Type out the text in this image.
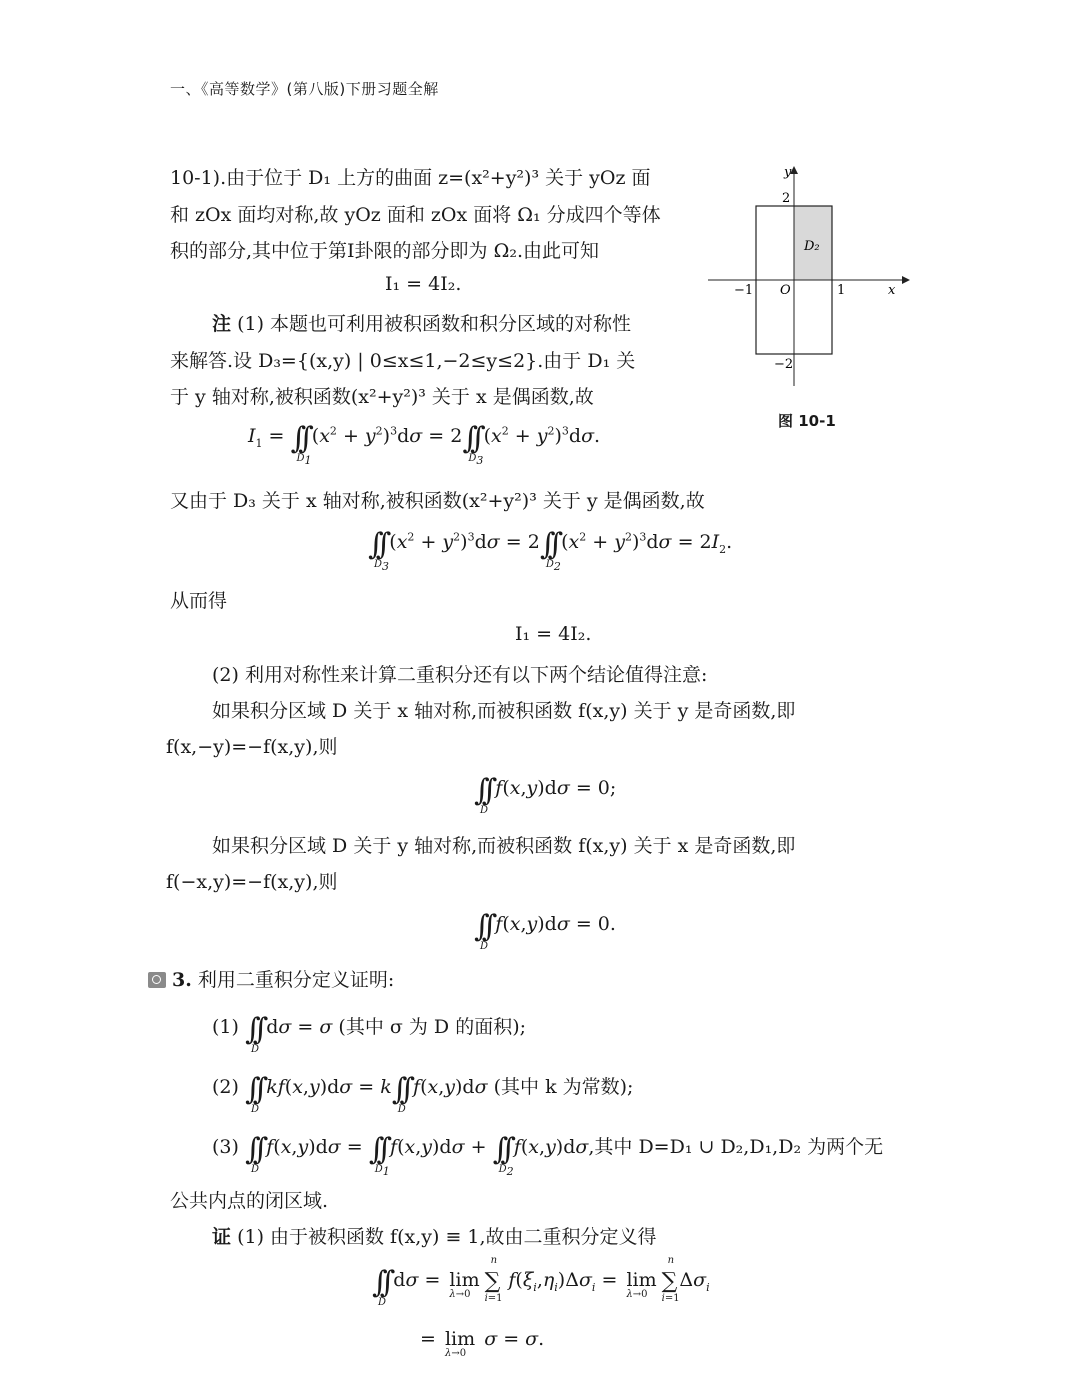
一、《高等数学》(第八版)下册习题全解
10-1).由于位于 D₁ 上方的曲面 z=(x²+y²)³ 关于 yOz 面
和 zOx 面均对称,故 yOz 面和 zOx 面将 Ω₁ 分成四个等体
积的部分,其中位于第Ⅰ卦限的部分即为 Ω₂.由此可知
I₁ = 4I₂.
y
x
O
−1	1
2
−2
D₂
图 10-1
注 (1) 本题也可利用被积函数和积分区域的对称性
来解答.设 D₃={(x,y) | 0≤x≤1,−2≤y≤2}.由于 D₁ 关
于 y 轴对称,被积函数(x²+y²)³ 关于 x 是偶函数,故
$I_1$ = ∫∫
$D_1$
$(x^2 + y^2)^3d\sigma = 2\int\int$
$D_3$
$(x^2 + y^2)^3d\sigma$.
又由于 D₃ 关于 x 轴对称,被积函数(x²+y²)³ 关于 y 是偶函数,故
∫∫
$D_3$
$(x^2 + y^2)^3d\sigma = 2\int\int$
$D_2$
$(x^2 + y^2)^3d\sigma = 2I_2$.
从而得
I₁ = 4I₂.
(2) 利用对称性来计算二重积分还有以下两个结论值得注意:
如果积分区域 D 关于 x 轴对称,而被积函数 f(x,y) 关于 y 是奇函数,即
f(x,−y)=−f(x,y),则
∫∫
D
f(x,y)dσ = 0;
如果积分区域 D 关于 y 轴对称,而被积函数 f(x,y) 关于 x 是奇函数,即
f(−x,y)=−f(x,y),则
∫∫
D
f(x,y)dσ = 0.
3. 利用二重积分定义证明:
(1) ∫∫
D
dσ = σ (其中 σ 为 D 的面积);
(2) ∫∫
D
kf(x,y)dσ = k∫∫
D
f(x,y)dσ (其中 k 为常数);
(3) ∫∫
D
f(x,y)dσ = ∫∫
$D_1$
f(x,y)dσ + ∫∫
$D_2$
f(x,y)dσ,其中 D=D₁ ∪ D₂,D₁,D₂ 为两个无
公共内点的闭区域.
证 (1) 由于被积函数 f(x,y) ≡ 1,故由二重积分定义得
∫∫
D
dσ = lim
λ→0
∑
n
i=1
$f(\xi_i,\eta_i)\Delta\sigma_i = \lim$
λ→0
∑
n
i=1
$\Delta\sigma_i$
= lim
λ→0
σ = σ.
